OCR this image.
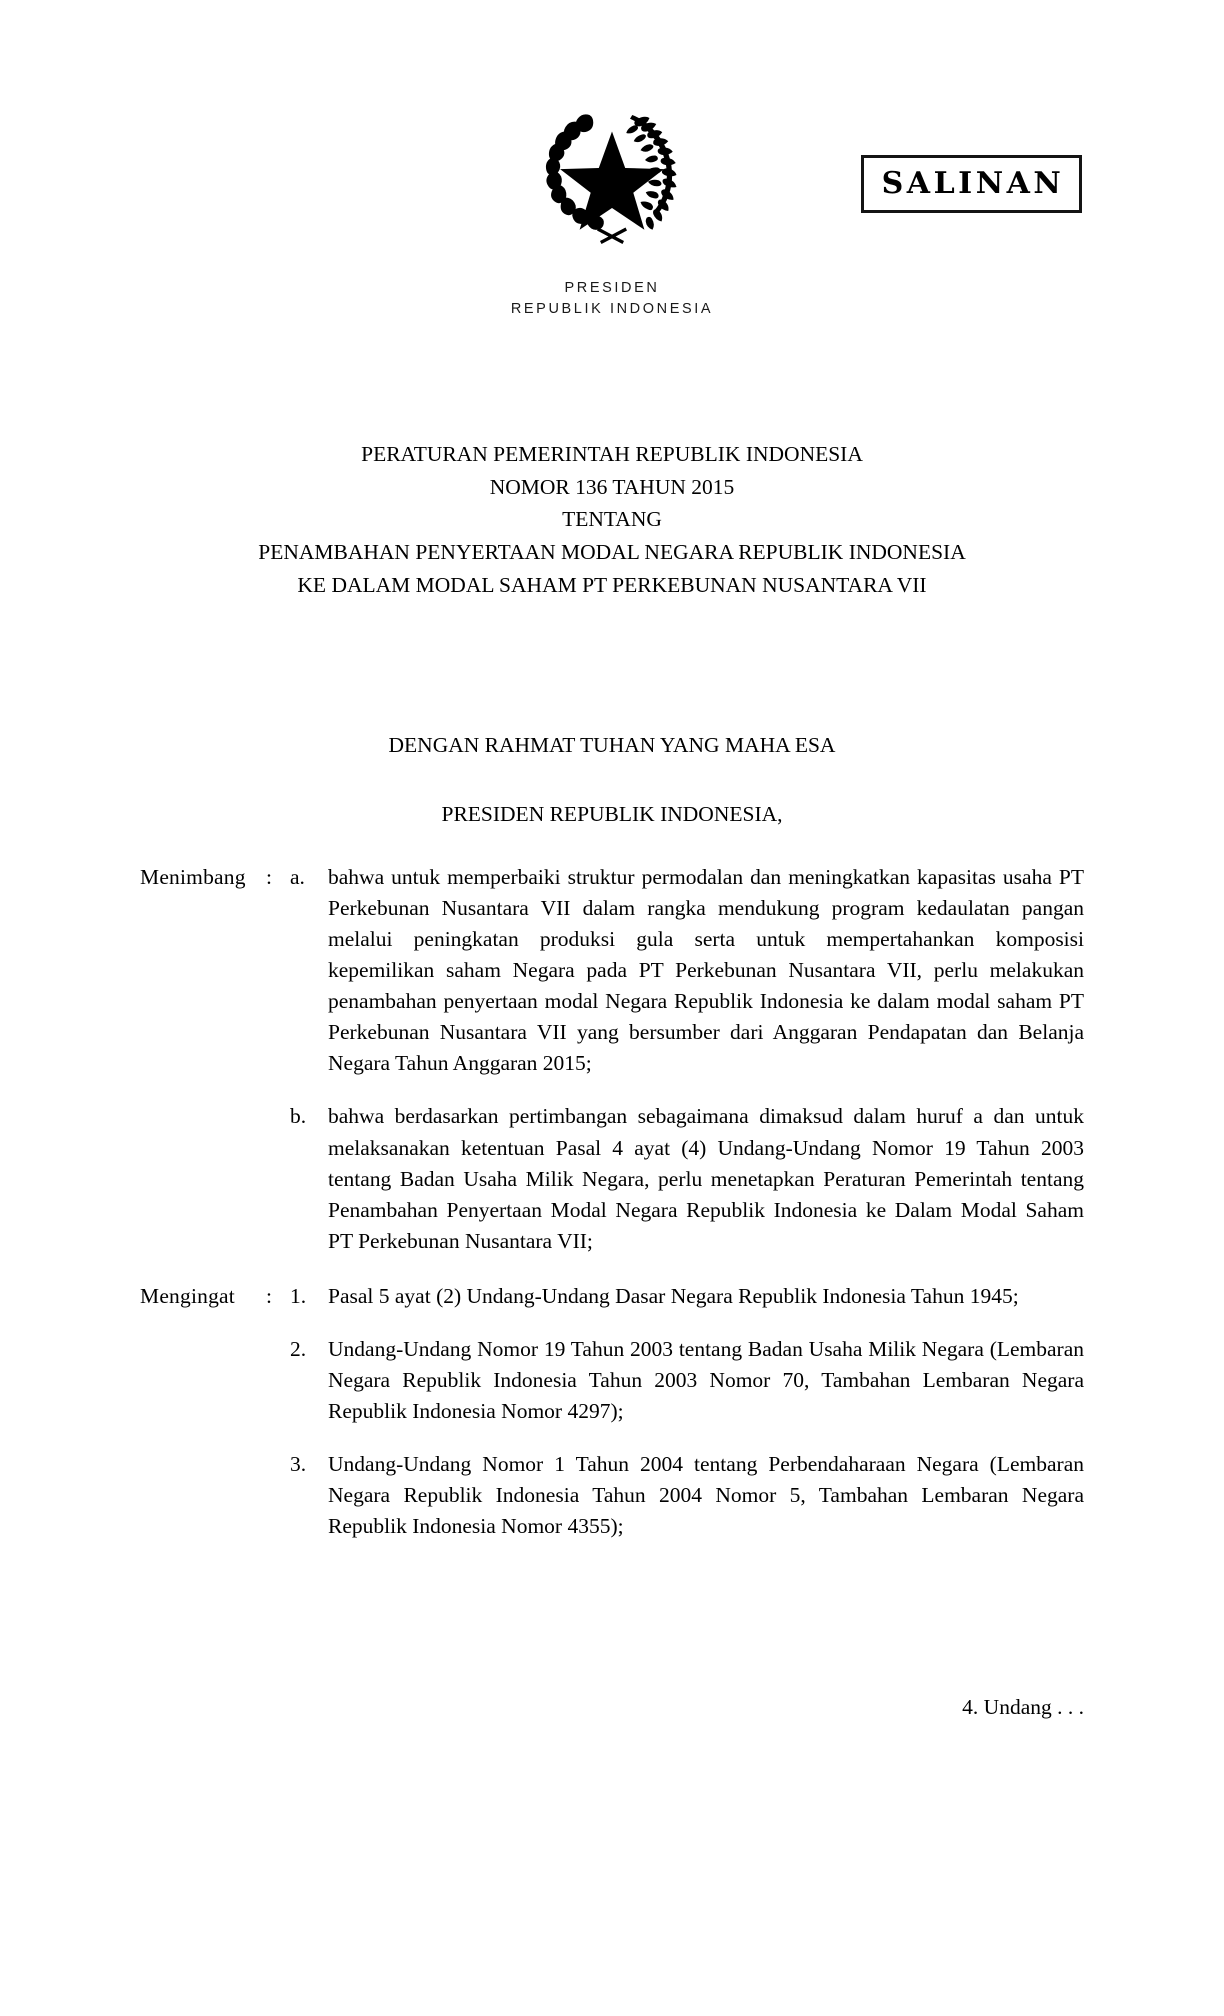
PRESIDEN
REPUBLIK INDONESIA
SALINAN
PERATURAN PEMERINTAH REPUBLIK INDONESIA
NOMOR 136 TAHUN 2015
TENTANG
PENAMBAHAN PENYERTAAN MODAL NEGARA REPUBLIK INDONESIA
KE DALAM MODAL SAHAM PT PERKEBUNAN NUSANTARA VII
DENGAN RAHMAT TUHAN YANG MAHA ESA
PRESIDEN REPUBLIK INDONESIA,
Menimbang	:	a.	bahwa untuk memperbaiki struktur permodalan dan meningkatkan kapasitas usaha PT Perkebunan Nusantara VII dalam rangka mendukung program kedaulatan pangan melalui peningkatan produksi gula serta untuk mempertahankan komposisi kepemilikan saham Negara pada PT Perkebunan Nusantara VII, perlu melakukan penambahan penyertaan modal Negara Republik Indonesia ke dalam modal saham PT Perkebunan Nusantara VII yang bersumber dari Anggaran Pendapatan dan Belanja Negara Tahun Anggaran 2015;

		b.	bahwa berdasarkan pertimbangan sebagaimana dimaksud dalam huruf a dan untuk melaksanakan ketentuan Pasal 4 ayat (4) Undang-Undang Nomor 19 Tahun 2003 tentang Badan Usaha Milik Negara, perlu menetapkan Peraturan Pemerintah tentang Penambahan Penyertaan Modal Negara Republik Indonesia ke Dalam Modal Saham PT Perkebunan Nusantara VII;
Mengingat	:	1.	Pasal 5 ayat (2) Undang-Undang Dasar Negara Republik Indonesia Tahun 1945;

		2.	Undang-Undang Nomor 19 Tahun 2003 tentang Badan Usaha Milik Negara (Lembaran Negara Republik Indonesia Tahun 2003 Nomor 70, Tambahan Lembaran Negara Republik Indonesia Nomor 4297);

		3.	Undang-Undang Nomor 1 Tahun 2004 tentang Perbendaharaan Negara (Lembaran Negara Republik Indonesia Tahun 2004 Nomor 5, Tambahan Lembaran Negara Republik Indonesia Nomor 4355);
4. Undang . . .
